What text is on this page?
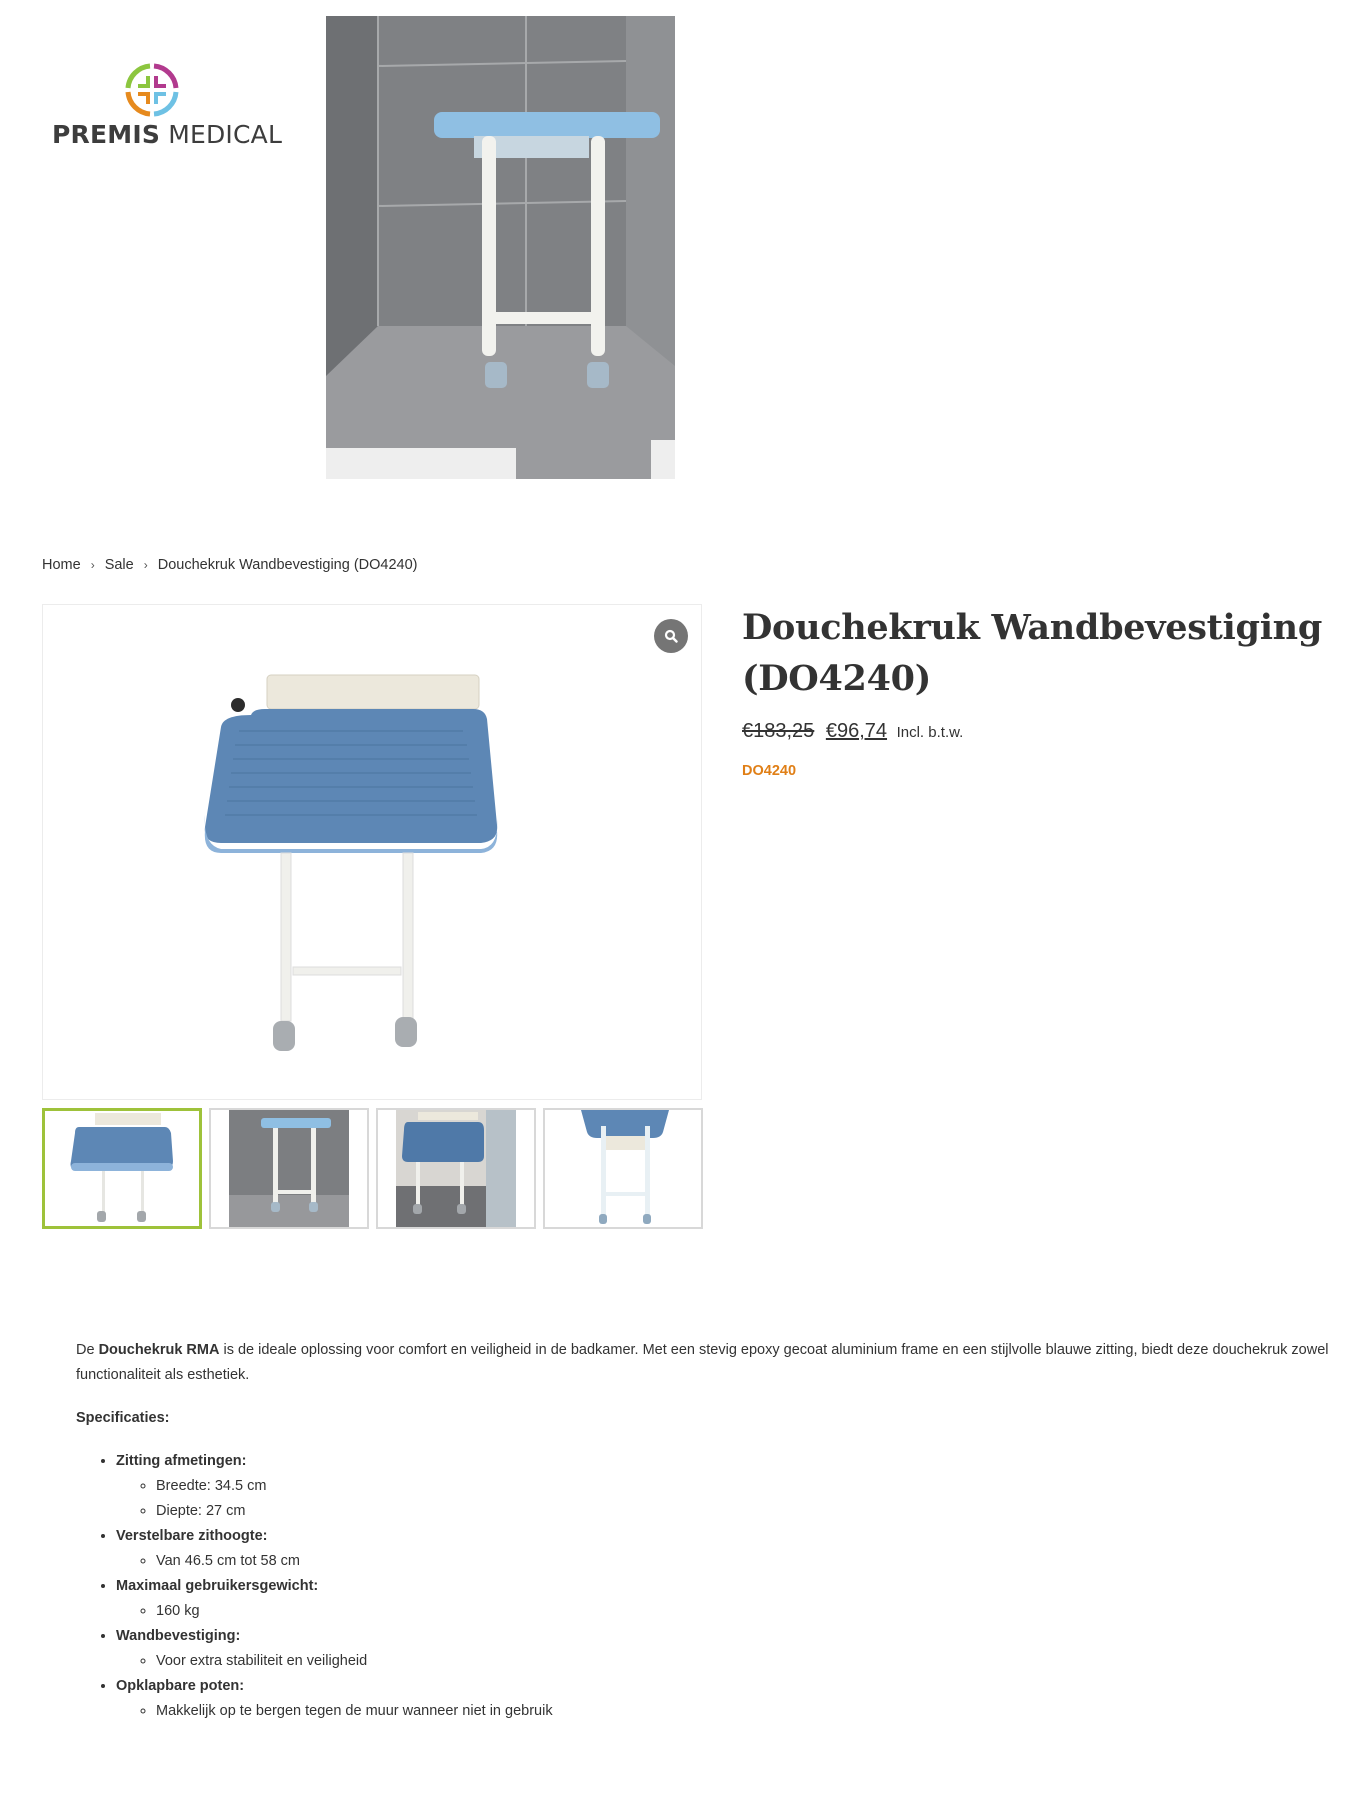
PREMIS MEDICAL
Home › Sale › Douchekruk Wandbevestiging (DO4240)
Douchekruk Wandbevestiging (DO4240)
€183,25 €96,74 Incl. b.t.w.
DO4240

De Douchekruk RMA is de ideale oplossing voor comfort en veiligheid in de badkamer. Met een stevig epoxy gecoat aluminium frame en een stijlvolle blauwe zitting, biedt deze douchekruk zowel functionaliteit als esthetiek.

Specificaties:

• Zitting afmetingen:
◦ Breedte: 34.5 cm
◦ Diepte: 27 cm
• Verstelbare zithoogte:
◦ Van 46.5 cm tot 58 cm
• Maximaal gebruikersgewicht:
◦ 160 kg
• Wandbevestiging:
◦ Voor extra stabiliteit en veiligheid
• Opklapbare poten:
◦ Makkelijk op te bergen tegen de muur wanneer niet in gebruik
